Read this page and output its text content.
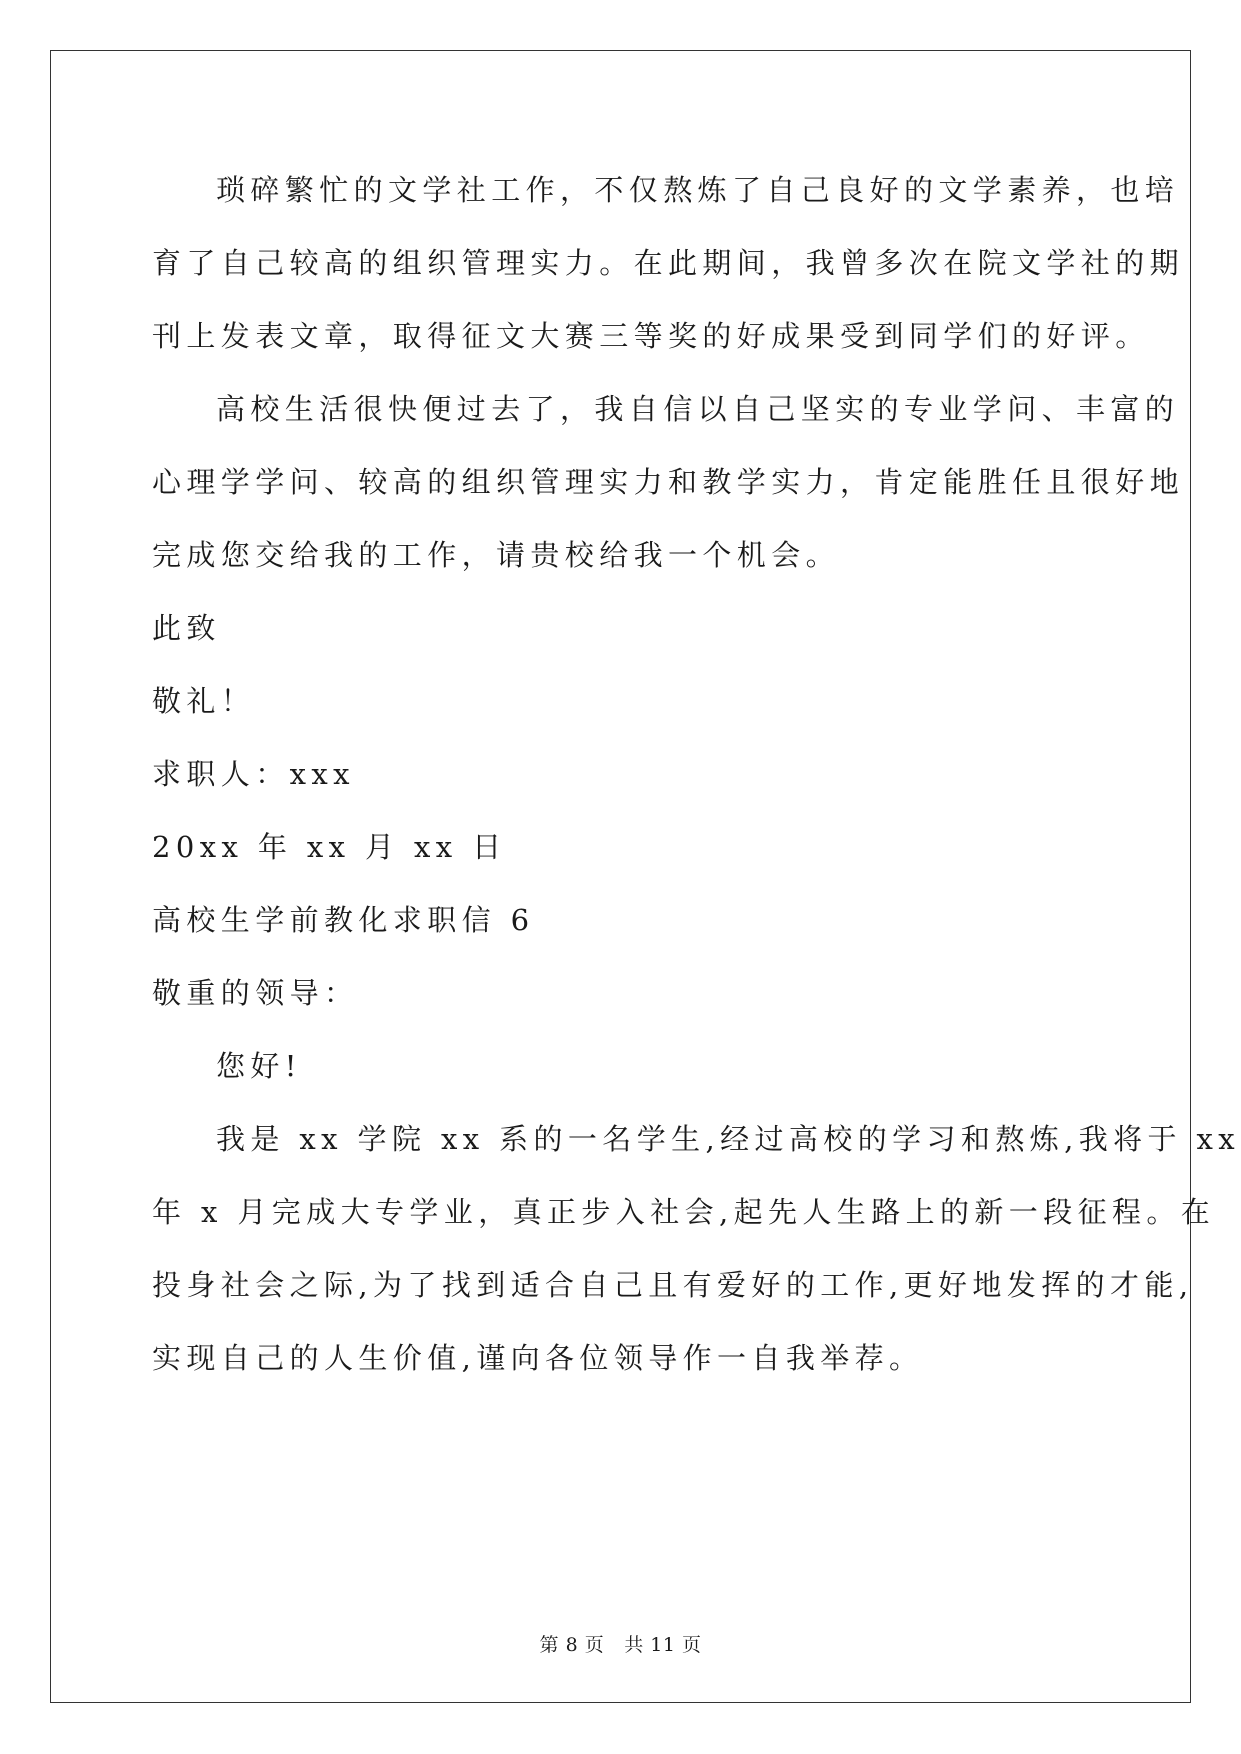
琐碎繁忙的文学社工作，不仅熬炼了自己良好的文学素养，也培
育了自己较高的组织管理实力。在此期间，我曾多次在院文学社的期
刊上发表文章，取得征文大赛三等奖的好成果受到同学们的好评。
高校生活很快便过去了，我自信以自己坚实的专业学问、丰富的
心理学学问、较高的组织管理实力和教学实力，肯定能胜任且很好地
完成您交给我的工作，请贵校给我一个机会。
此致
敬礼！
求职人：xxx
20xx 年 xx 月 xx 日
高校生学前教化求职信 6
敬重的领导：
您好!
我是 xx 学院 xx 系的一名学生,经过高校的学习和熬炼,我将于 xx
年 x 月完成大专学业，真正步入社会,起先人生路上的新一段征程。在
投身社会之际,为了找到适合自己且有爱好的工作,更好地发挥的才能,
实现自己的人生价值,谨向各位领导作一自我举荐。
第 8 页 共 11 页
